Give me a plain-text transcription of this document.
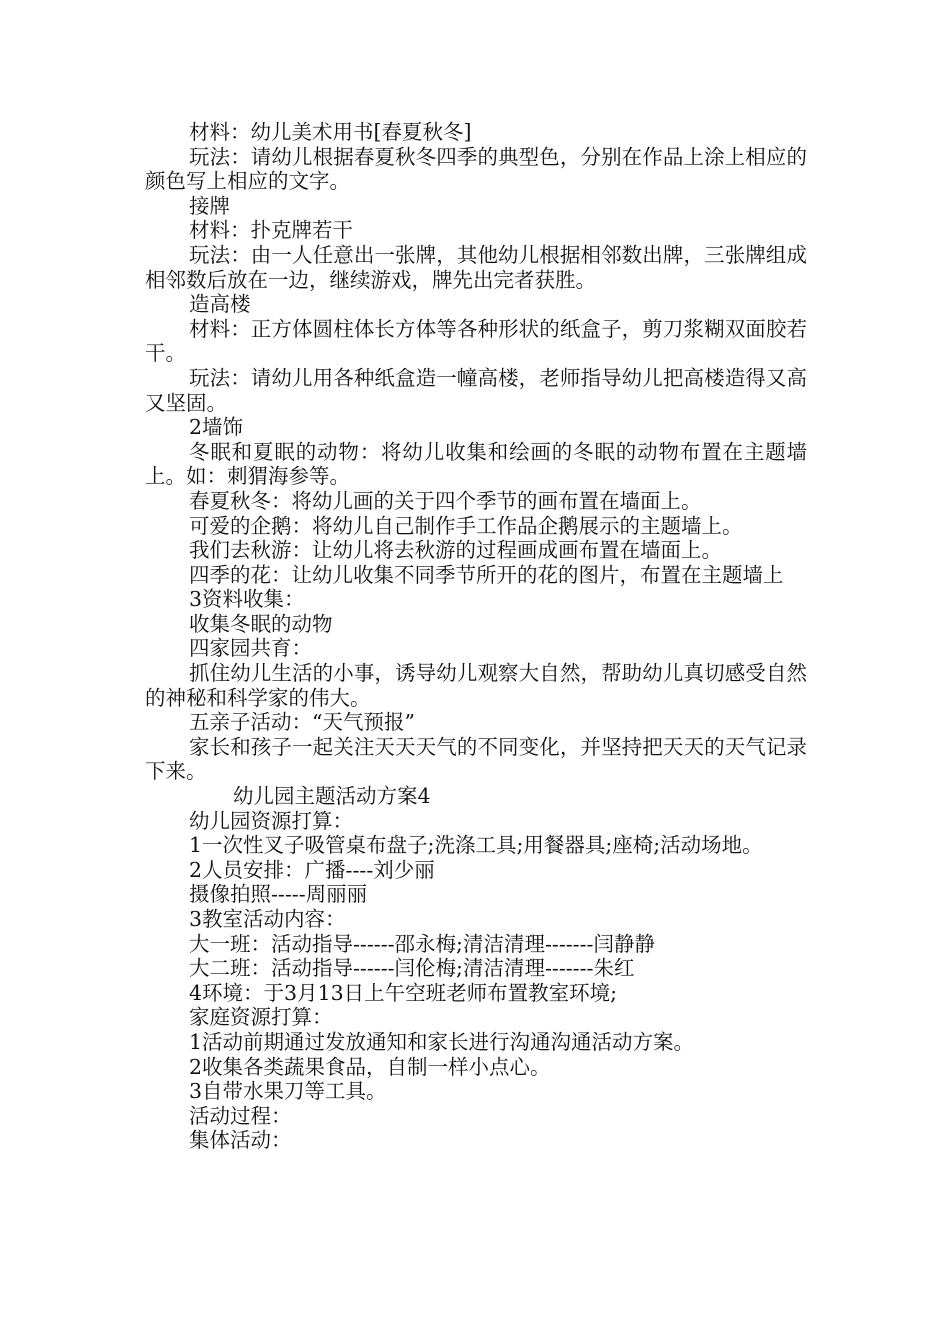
材料：幼儿美术用书[春夏秋冬]

玩法：请幼儿根据春夏秋冬四季的典型色，分别在作品上涂上相应的颜色写上相应的文字。

接牌

材料：扑克牌若干

玩法：由一人任意出一张牌，其他幼儿根据相邻数出牌，三张牌组成相邻数后放在一边，继续游戏，牌先出完者获胜。

造高楼

材料：正方体圆柱体长方体等各种形状的纸盒子，剪刀浆糊双面胶若干。

玩法：请幼儿用各种纸盒造一幢高楼，老师指导幼儿把高楼造得又高又坚固。

2墙饰

冬眠和夏眠的动物：将幼儿收集和绘画的冬眠的动物布置在主题墙上。如：刺猬海参等。

春夏秋冬：将幼儿画的关于四个季节的画布置在墙面上。

可爱的企鹅：将幼儿自己制作手工作品企鹅展示的主题墙上。

我们去秋游：让幼儿将去秋游的过程画成画布置在墙面上。

四季的花：让幼儿收集不同季节所开的花的图片，布置在主题墙上

3资料收集：

收集冬眠的动物

四家园共育：

抓住幼儿生活的小事，诱导幼儿观察大自然，帮助幼儿真切感受自然的神秘和科学家的伟大。

五亲子活动：“天气预报”

家长和孩子一起关注天天天气的不同变化，并坚持把天天的天气记录下来。

幼儿园主题活动方案4

幼儿园资源打算：

1一次性叉子吸管桌布盘子;洗涤工具;用餐器具;座椅;活动场地。

2人员安排：广播----刘少丽

摄像拍照-----周丽丽

3教室活动内容：

大一班：活动指导------邵永梅;清洁清理-------闫静静

大二班：活动指导------闫伦梅;清洁清理-------朱红

4环境：于3月13日上午空班老师布置教室环境;

家庭资源打算：

1活动前期通过发放通知和家长进行沟通沟通活动方案。

2收集各类蔬果食品，自制一样小点心。

3自带水果刀等工具。

活动过程：

集体活动：
